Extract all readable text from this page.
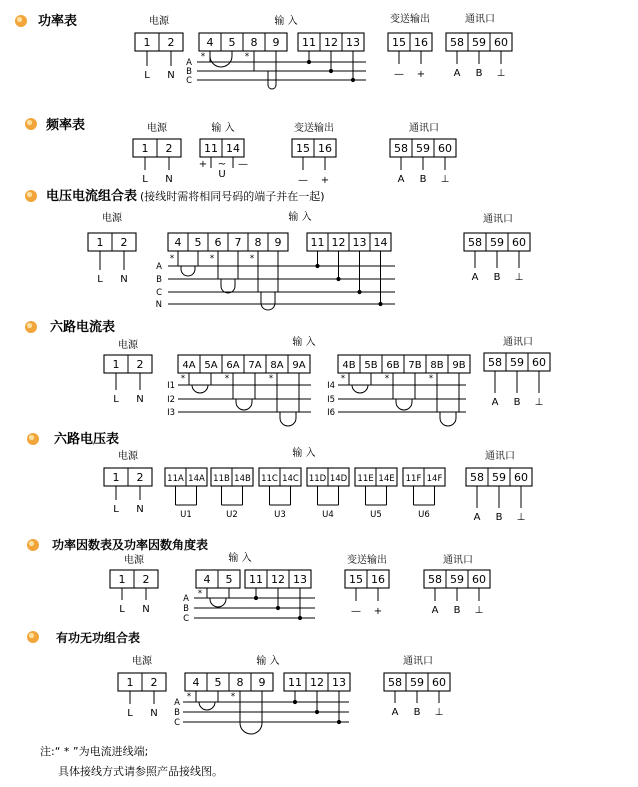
功率表	电源
1 2
L N
输 入
4 5 8 9 11 12 13
A
B
C
*	*
变送输出
15 16
— +
通讯口
58 59 60
A B ⊥
频率表	电源
1 2
L N
输 入
11 14
+ ~ —
U
变送输出
15 16
— +
通讯口
58 59 60
A B ⊥
电压电流组合表 (接线时需将相同号码的端子并在一起)
电源
1 2
L N
输 入
4 5 6 7 8 9	11 12 13 14
A
B
C
N
*	*	*
通讯口
58 59 60
A B ⊥
六路电流表
电源
1 2
L N
输 入
4A 5A 6A 7A 8A 9A	4B 5B 6B 7B 8B 9B
I1
I2
I3
I4
I5
I6
*	*	*	*	*	*
通讯口
58 59 60
A B ⊥
六路电压表
电源
1 2
L N
输 入
11A 14A
U1
11B 14B
U2
11C 14C
U3
11D 14D
U4
11E 14E
U5
11F 14F
U6
通讯口
58 59 60
A B ⊥
功率因数表及功率因数角度表
电源
1 2
L N
输 入
4 5 11 12 13
A
B
C
*
变送输出
15 16
— +
通讯口
58 59 60
A B ⊥
有功无功组合表
电源
1 2
L N
输 入
4 5 8 9 11 12 13
A
B
C
*	*
通讯口
58 59 60
A B ⊥
注:“ * ”为电流进线端;
具体接线方式请参照产品接线图。
